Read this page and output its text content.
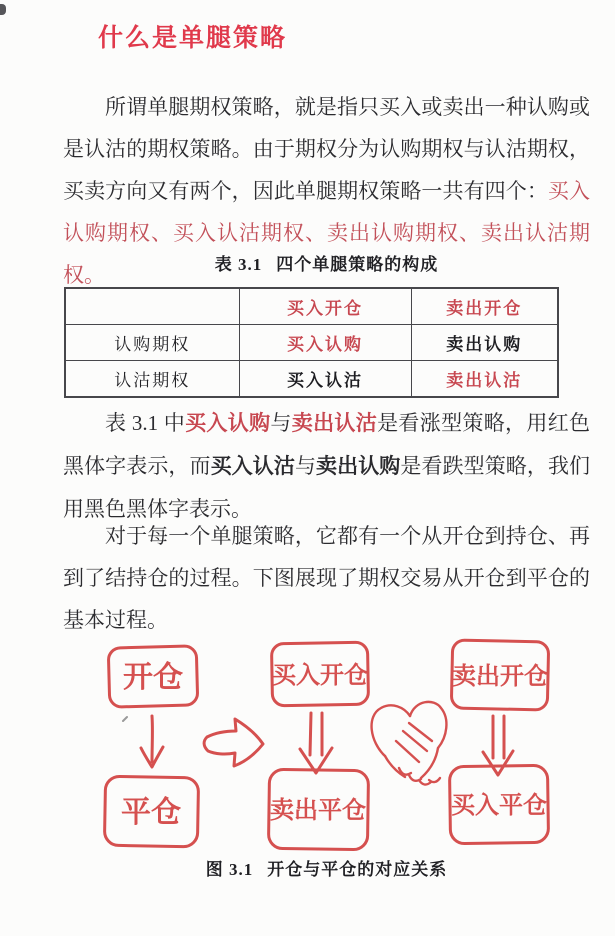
什么是单腿策略

所谓单腿期权策略，就是指只买入或卖出一种认购或是认沽的期权策略。由于期权分为认购期权与认沽期权，买卖方向又有两个，因此单腿期权策略一共有四个：买入认购期权、买入认沽期权、卖出认购期权、卖出认沽期权。	表 3.1 四个单腿策略的构成
	买入开仓	卖出开仓
认购期权	买入认购	卖出认购
认沽期权	买入认沽	卖出认沽

表 3.1 中买入认购与卖出认沽是看涨型策略，用红色黑体字表示，而买入认沽与卖出认购是看跌型策略，我们用黑色黑体字表示。

对于每一个单腿策略，它都有一个从开仓到持仓、再到了结持仓的过程。下图展现了期权交易从开仓到平仓的基本过程。

开仓
平仓
买入开仓
卖出平仓
卖出开仓
买入平仓
图 3.1 开仓与平仓的对应关系
